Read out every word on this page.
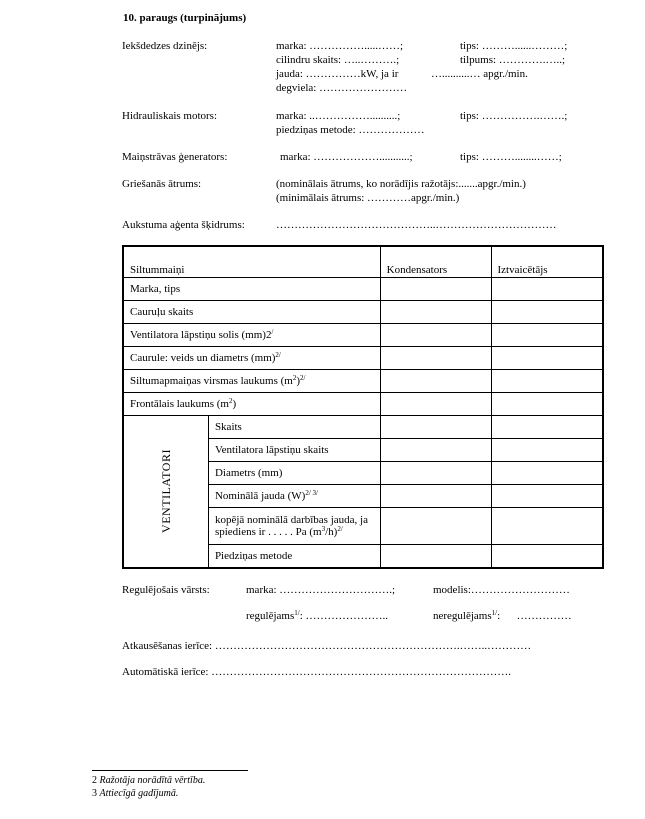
10. paraugs (turpinājums)
Iekšdedzes dzinējs:	marka: …………….....……;	tips: ………......………;
cilindru skaits: …..……….;	tilpums: ………….…..;
jauda: ……………kW, ja ir	…..........… apgr./min.
degviela: ……………………
Hidrauliskais motors:	marka: ..……………..........;	tips: …………….…….;
piedziņas metode: ………………
Maiņstrāvas ģenerators:	marka: ………………...........;	tips: ………........……;
Griešanās ātrums:	(nominālais ātrums, ko norādījis ražotājs:.......apgr./min.)
(minimālais ātrums: …………apgr./min.)
Aukstuma aģenta šķidrums:	……………………………………..……………………………
Siltummaiņi		Kondensators	Iztvaicētājs
Marka, tips			
Cauruļu skaits			
Ventilatora lāpstiņu solis (mm)2/		
Caurule: veids un diametrs (mm)$^{2/}$		
Siltumapmaiņas virsmas laukums $(m^2)^{2/}$		
Frontālais laukums $(m^2)$			
VENTILATORI	Skaits		
	Ventilatora lāpstiņu skaits		
	Diametrs (mm)		
	Nominālā jauda $(W)^{2/ 3/}$		
	kopējā nominālā darbības jauda, ja
spiediens ir . . . . . Pa $(m^3/h)^{2/}$		
	Piedziņas metode		
Regulējošais vārsts:	marka: ………………………….;	modelis:………………………
regulējams$^{1/}$: …………………..	neregulējams$^{1/}$:      ……………
Atkausēšanas ierīce: ………………………………………………………….……..…………
Automātiskā ierīce: ……………………………………………………………………….
2 Ražotāja norādītā vērtība.
3 Attiecīgā gadījumā.
